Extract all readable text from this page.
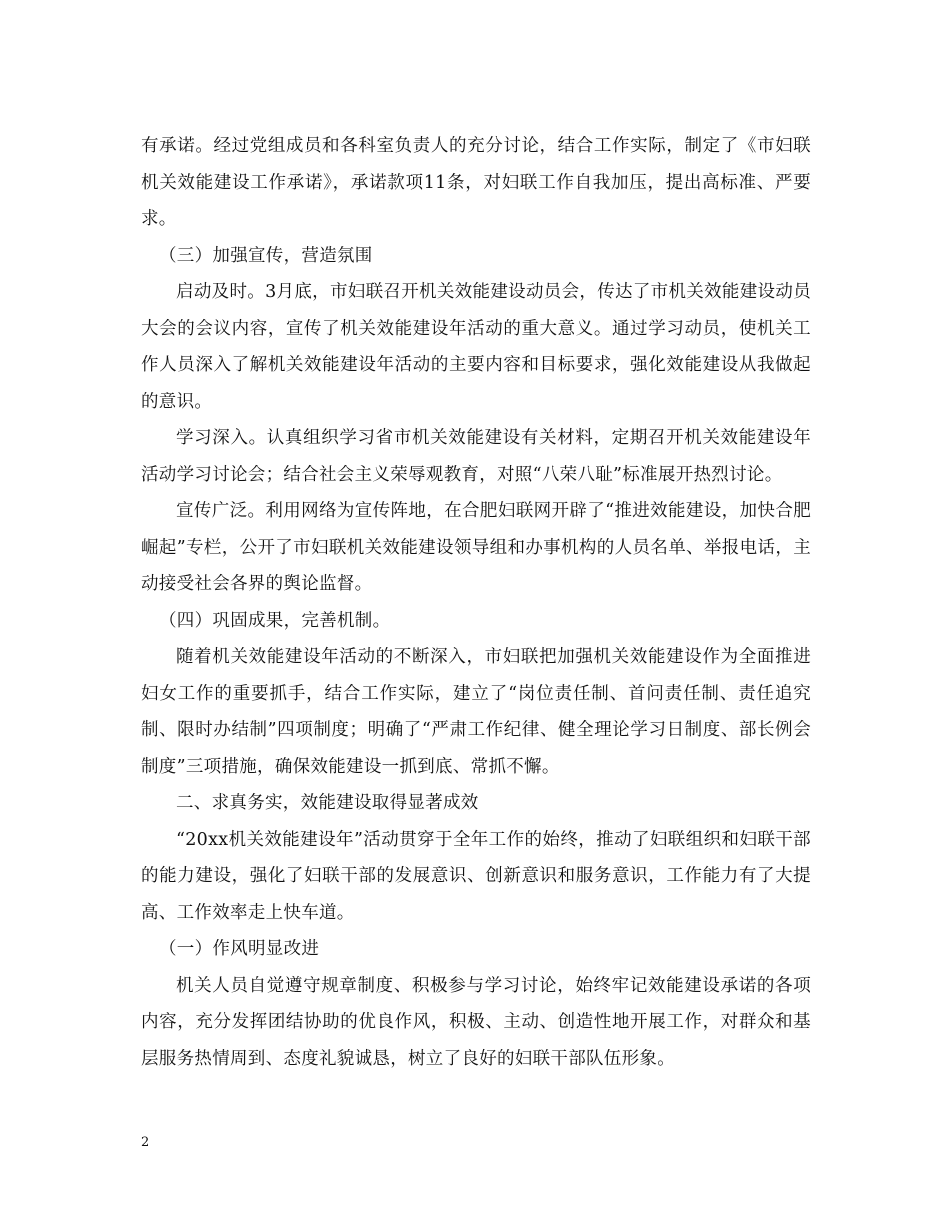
有承诺。经过党组成员和各科室负责人的充分讨论，结合工作实际，制定了《市妇联机关效能建设工作承诺》，承诺款项11条，对妇联工作自我加压，提出高标准、严要求。

（三）加强宣传，营造氛围

启动及时。3月底，市妇联召开机关效能建设动员会，传达了市机关效能建设动员大会的会议内容，宣传了机关效能建设年活动的重大意义。通过学习动员，使机关工作人员深入了解机关效能建设年活动的主要内容和目标要求，强化效能建设从我做起的意识。

学习深入。认真组织学习省市机关效能建设有关材料，定期召开机关效能建设年活动学习讨论会；结合社会主义荣辱观教育，对照“八荣八耻”标准展开热烈讨论。

宣传广泛。利用网络为宣传阵地，在合肥妇联网开辟了“推进效能建设，加快合肥崛起”专栏，公开了市妇联机关效能建设领导组和办事机构的人员名单、举报电话，主动接受社会各界的舆论监督。

（四）巩固成果，完善机制。

随着机关效能建设年活动的不断深入，市妇联把加强机关效能建设作为全面推进妇女工作的重要抓手，结合工作实际，建立了“岗位责任制、首问责任制、责任追究制、限时办结制”四项制度；明确了“严肃工作纪律、健全理论学习日制度、部长例会制度”三项措施，确保效能建设一抓到底、常抓不懈。

二、求真务实，效能建设取得显著成效

“20xx机关效能建设年”活动贯穿于全年工作的始终，推动了妇联组织和妇联干部的能力建设，强化了妇联干部的发展意识、创新意识和服务意识，工作能力有了大提高、工作效率走上快车道。

（一）作风明显改进

机关人员自觉遵守规章制度、积极参与学习讨论，始终牢记效能建设承诺的各项内容，充分发挥团结协助的优良作风，积极、主动、创造性地开展工作，对群众和基层服务热情周到、态度礼貌诚恳，树立了良好的妇联干部队伍形象。

2
